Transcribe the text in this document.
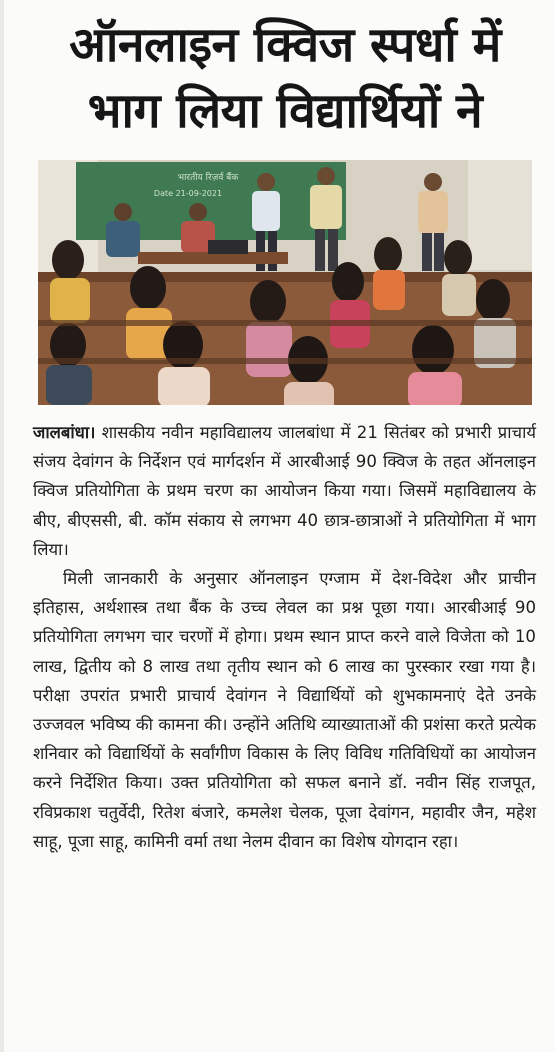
ऑनलाइन क्विज स्पर्धा में
भाग लिया विद्यार्थियों ने
भारतीय रिज़र्व बैंक
Date 21-09-2021

जालबांधा। शासकीय नवीन महाविद्यालय जालबांधा में 21 सितंबर को प्रभारी प्राचार्य संजय देवांगन के निर्देशन एवं मार्गदर्शन में आरबीआई 90 क्विज के तहत ऑनलाइन क्विज प्रतियोगिता के प्रथम चरण का आयोजन किया गया। जिसमें महाविद्यालय के बीए, बीएससी, बी. कॉम संकाय से लगभग 40 छात्र-छात्राओं ने प्रतियोगिता में भाग लिया।

मिली जानकारी के अनुसार ऑनलाइन एग्जाम में देश-विदेश और प्राचीन इतिहास, अर्थशास्त्र तथा बैंक के उच्च लेवल का प्रश्न पूछा गया। आरबीआई 90 प्रतियोगिता लगभग चार चरणों में होगा। प्रथम स्थान प्राप्त करने वाले विजेता को 10 लाख, द्वितीय को 8 लाख तथा तृतीय स्थान को 6 लाख का पुरस्कार रखा गया है। परीक्षा उपरांत प्रभारी प्राचार्य देवांगन ने विद्यार्थियों को शुभकामनाएं देते उनके उज्जवल भविष्य की कामना की। उन्होंने अतिथि व्याख्याताओं की प्रशंसा करते प्रत्येक शनिवार को विद्यार्थियों के सर्वांगीण विकास के लिए विविध गतिविधियों का आयोजन करने निर्देशित किया। उक्त प्रतियोगिता को सफल बनाने डॉ. नवीन सिंह राजपूत, रविप्रकाश चतुर्वेदी, रितेश बंजारे, कमलेश चेलक, पूजा देवांगन, महावीर जैन, महेश साहू, पूजा साहू, कामिनी वर्मा तथा नेलम दीवान का विशेष योगदान रहा।
